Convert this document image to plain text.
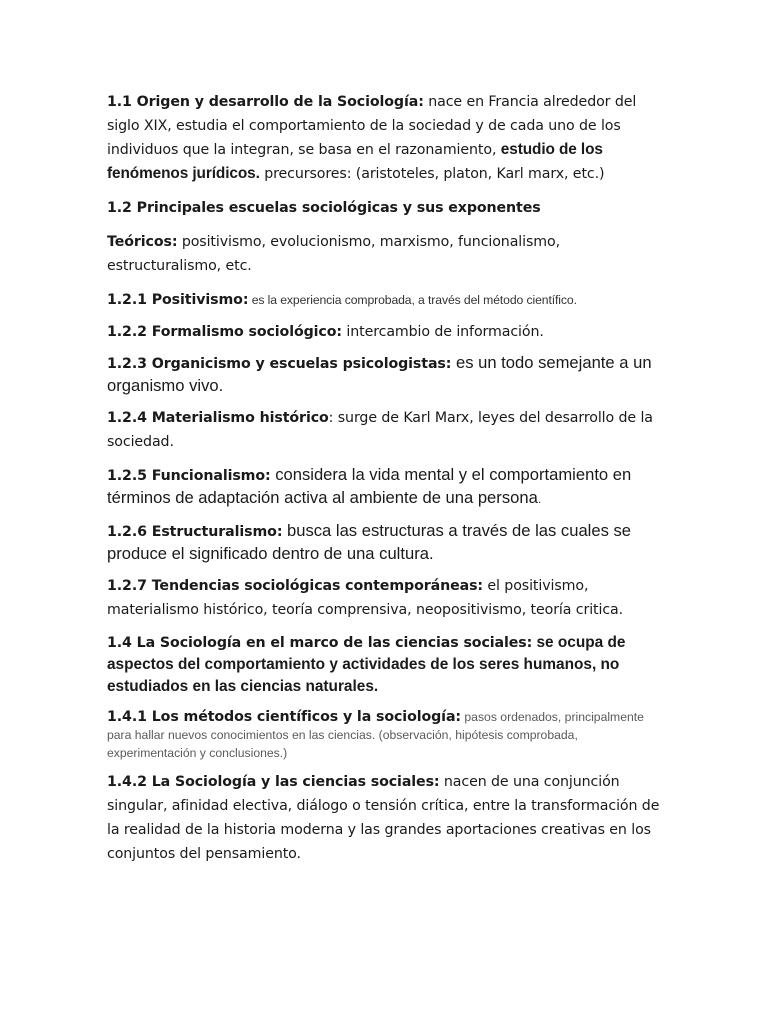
1.1 Origen y desarrollo de la Sociología: nace en Francia alrededor del siglo XIX, estudia el comportamiento de la sociedad y de cada uno de los individuos que la integran, se basa en el razonamiento, estudio de los fenómenos jurídicos. precursores: (aristoteles, platon, Karl marx, etc.)

1.2 Principales escuelas sociológicas y sus exponentes

Teóricos: positivismo, evolucionismo, marxismo, funcionalismo, estructuralismo, etc.

1.2.1 Positivismo: es la experiencia comprobada, a través del método científico.

1.2.2 Formalismo sociológico: intercambio de información.

1.2.3 Organicismo y escuelas psicologistas: es un todo semejante a un organismo vivo.

1.2.4 Materialismo histórico: surge de Karl Marx, leyes del desarrollo de la sociedad.

1.2.5 Funcionalismo: considera la vida mental y el comportamiento en términos de adaptación activa al ambiente de una persona.

1.2.6 Estructuralismo: busca las estructuras a través de las cuales se produce el significado dentro de una cultura.

1.2.7 Tendencias sociológicas contemporáneas: el positivismo, materialismo histórico, teoría comprensiva, neopositivismo, teoría critica.

1.4 La Sociología en el marco de las ciencias sociales: se ocupa de aspectos del comportamiento y actividades de los seres humanos, no estudiados en las ciencias naturales.

1.4.1 Los métodos científicos y la sociología: pasos ordenados, principalmente para hallar nuevos conocimientos en las ciencias. (observación, hipótesis comprobada, experimentación y conclusiones.)

1.4.2 La Sociología y las ciencias sociales: nacen de una conjunción singular, afinidad electiva, diálogo o tensión crítica, entre la transformación de la realidad de la historia moderna y las grandes aportaciones creativas en los conjuntos del pensamiento.
